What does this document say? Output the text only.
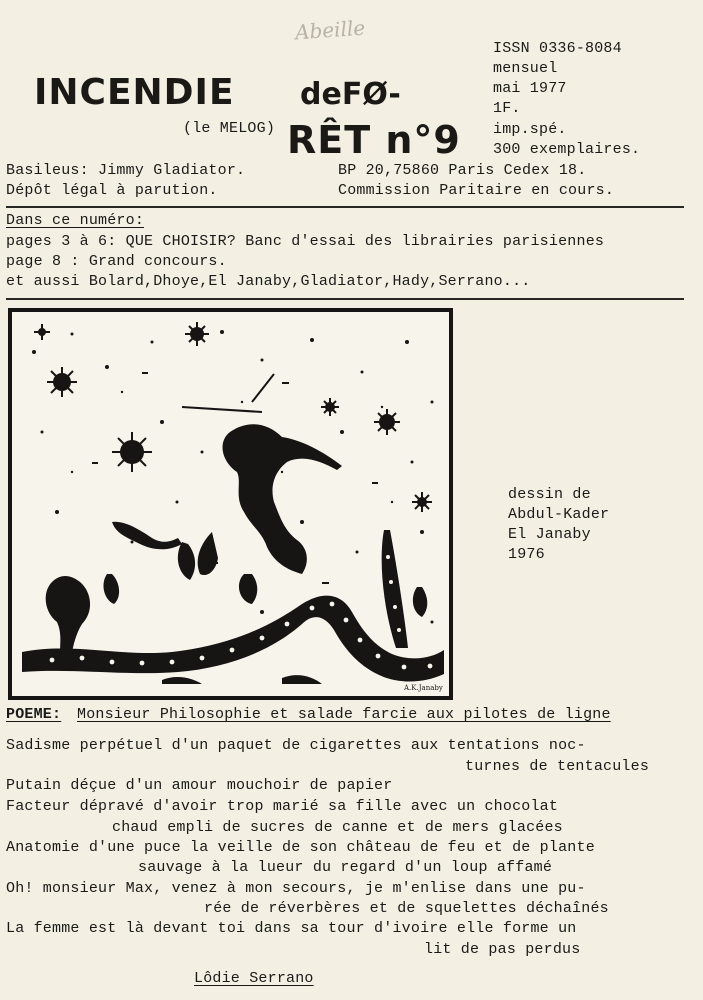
Abeille
INCENDIE deFØ-
RÊT n°9
(le MELOG)
ISSN 0336-8084
mensuel
mai 1977
1F.
imp.spé.
300 exemplaires.
Basileus: Jimmy Gladiator.	BP 20,75860 Paris Cedex 18.
Dépôt légal à parution.	Commission Paritaire en cours.
Dans ce numéro:
pages 3 à 6: QUE CHOISIR? Banc d'essai des librairies parisiennes
page 8 : Grand concours.
et aussi Bolard,Dhoye,El Janaby,Gladiator,Hady,Serrano...
A.K.Janaby
dessin de
Abdul-Kader
El Janaby
1976
POEME: Monsieur Philosophie et salade farcie aux pilotes de ligne
Sadisme perpétuel d'un paquet de cigarettes aux tentations noc-
turnes de tentacules
Putain déçue d'un amour mouchoir de papier
Facteur dépravé d'avoir trop marié sa fille avec un chocolat
chaud empli de sucres de canne et de mers glacées
Anatomie d'une puce la veille de son château de feu et de plante
sauvage à la lueur du regard d'un loup affamé
Oh! monsieur Max, venez à mon secours, je m'enlise dans une pu-
rée de réverbères et de squelettes déchaînés
La femme est là devant toi dans sa tour d'ivoire elle forme un
lit de pas perdus
Lôdie Serrano
